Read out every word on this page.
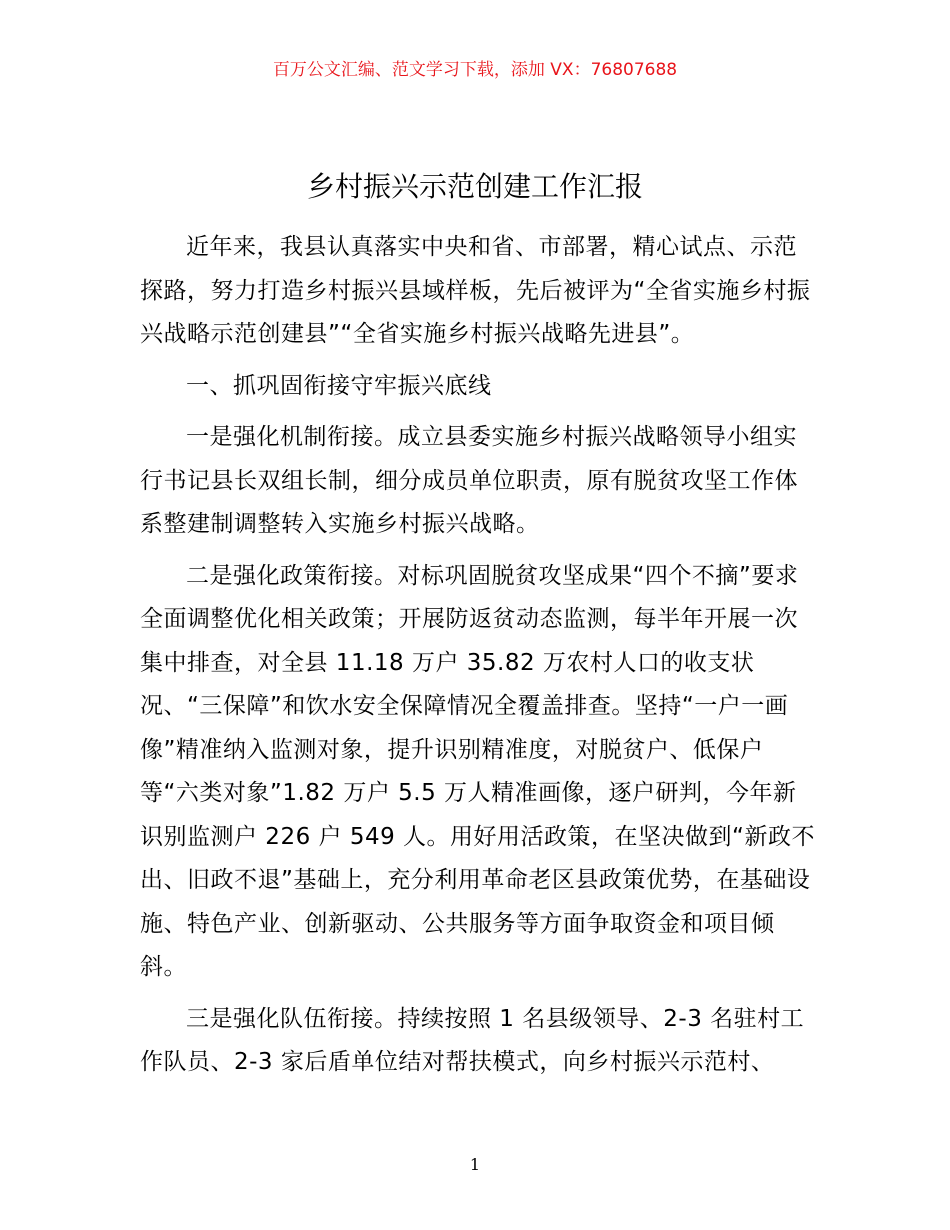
百万公文汇编、范文学习下载，添加 VX：76807688
乡村振兴示范创建工作汇报

近年来，我县认真落实中央和省、市部署，精心试点、示范探路，努力打造乡村振兴县域样板，先后被评为“全省实施乡村振兴战略示范创建县”“全省实施乡村振兴战略先进县”。

一、抓巩固衔接守牢振兴底线

一是强化机制衔接。成立县委实施乡村振兴战略领导小组实行书记县长双组长制，细分成员单位职责，原有脱贫攻坚工作体系整建制调整转入实施乡村振兴战略。

二是强化政策衔接。对标巩固脱贫攻坚成果“四个不摘”要求全面调整优化相关政策；开展防返贫动态监测，每半年开展一次集中排查，对全县 11.18 万户 35.82 万农村人口的收支状况、“三保障”和饮水安全保障情况全覆盖排查。坚持“一户一画像”精准纳入监测对象，提升识别精准度，对脱贫户、低保户等“六类对象”1.82 万户 5.5 万人精准画像，逐户研判，今年新识别监测户 226 户 549 人。用好用活政策，在坚决做到“新政不出、旧政不退”基础上，充分利用革命老区县政策优势，在基础设施、特色产业、创新驱动、公共服务等方面争取资金和项目倾斜。

三是强化队伍衔接。持续按照 1 名县级领导、2-3 名驻村工作队员、2-3 家后盾单位结对帮扶模式，向乡村振兴示范村、

1
